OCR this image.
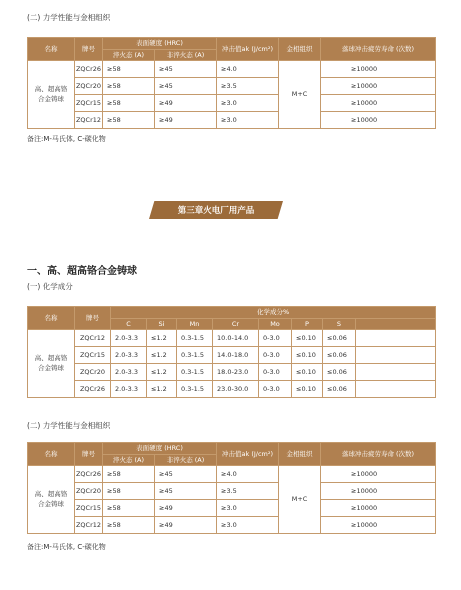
(二) 力学性能与金相组织
名称	牌号	表面硬度 (HRC)		冲击值ak (J/cm²)	金相组织	落球冲击疲劳寿命 (次数)
		淬火态 (A)	非淬火态 (A)			
高、超高铬
合金铸球	ZQCr26	≥58	≥45	≥4.0	M+C	≥10000
	ZQCr20	≥58	≥45	≥3.5		≥10000
	ZQCr15	≥58	≥49	≥3.0		≥10000
	ZQCr12	≥58	≥49	≥3.0		≥10000
备注:M-马氏体, C-碳化物
第三章火电厂用产品
一、高、超高铬合金铸球
(一) 化学成分
名称	牌号	化学成分%							
		C	Si	Mn	Cr	Mo	P	S	
高、超高铬
合金铸球	ZQCr12	2.0-3.3	≤1.2	0.3-1.5	10.0-14.0	0-3.0	≤0.10	≤0.06	
	ZQCr15	2.0-3.3	≤1.2	0.3-1.5	14.0-18.0	0-3.0	≤0.10	≤0.06	
	ZQCr20	2.0-3.3	≤1.2	0.3-1.5	18.0-23.0	0-3.0	≤0.10	≤0.06	
	ZQCr26	2.0-3.3	≤1.2	0.3-1.5	23.0-30.0	0-3.0	≤0.10	≤0.06	
(二) 力学性能与金相组织
名称	牌号	表面硬度 (HRC)		冲击值ak (J/cm²)	金相组织	落球冲击疲劳寿命 (次数)
		淬火态 (A)	非淬火态 (A)			
高、超高铬
合金铸球	ZQCr26	≥58	≥45	≥4.0	M+C	≥10000
	ZQCr20	≥58	≥45	≥3.5		≥10000
	ZQCr15	≥58	≥49	≥3.0		≥10000
	ZQCr12	≥58	≥49	≥3.0		≥10000
备注:M-马氏体, C-碳化物
